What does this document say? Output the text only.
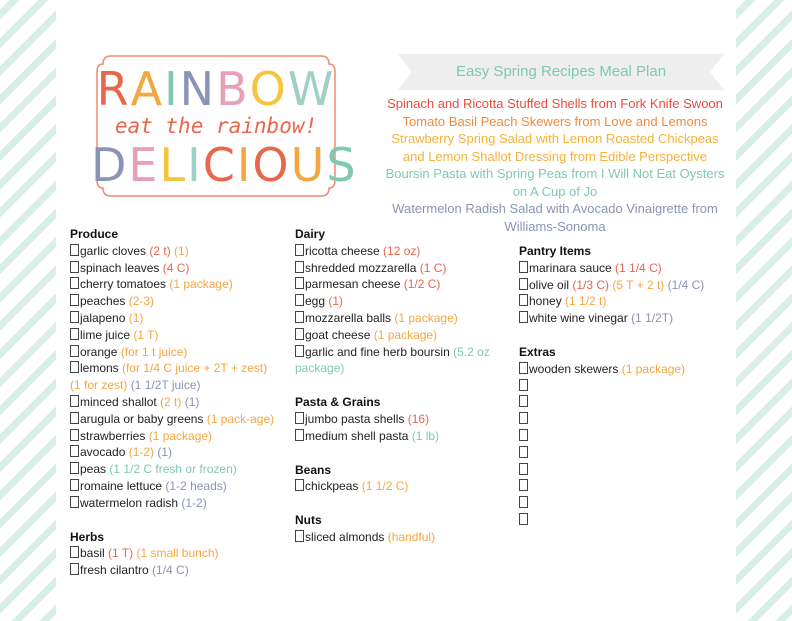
RAINBOW
eat the rainbow!
DELICIOUS
Easy Spring Recipes Meal Plan
Spinach and Ricotta Stuffed Shells from Fork Knife Swoon
Tomato Basil Peach Skewers from Love and Lemons
Strawberry Spring Salad with Lemon Roasted Chickpeas
and Lemon Shallot Dressing from Edible Perspective
Boursin Pasta with Spring Peas from I Will Not Eat Oysters
on A Cup of Jo
Watermelon Radish Salad with Avocado Vinaigrette from
Williams-Sonoma
Produce
garlic cloves (2 t) (1)
spinach leaves (4 C)
cherry tomatoes (1 package)
peaches (2-3)
jalapeno (1)
lime juice (1 T)
orange (for 1 t juice)
lemons (for 1/4 C juice + 2T + zest) (1 for zest) (1 1/2T juice)
minced shallot (2 t) (1)
arugula or baby greens (1 pack-age)
strawberries (1 package)
avocado (1-2) (1)
peas (1 1/2 C fresh or frozen)
romaine lettuce (1-2 heads)
watermelon radish (1-2)
Herbs
basil (1 T) (1 small bunch)
fresh cilantro (1/4 C)
Dairy
ricotta cheese (12 oz)
shredded mozzarella (1 C)
parmesan cheese (1/2 C)
egg (1)
mozzarella balls (1 package)
goat cheese (1 package)
garlic and fine herb boursin (5.2 oz package)
Pasta & Grains
jumbo pasta shells (16)
medium shell pasta (1 lb)
Beans
chickpeas (1 1/2 C)
Nuts
sliced almonds (handful)
Pantry Items
marinara sauce (1 1/4 C)
olive oil (1/3 C) (5 T + 2 t) (1/4 C)
honey (1 1/2 t)
white wine vinegar (1 1/2T)
Extras
wooden skewers (1 package)
